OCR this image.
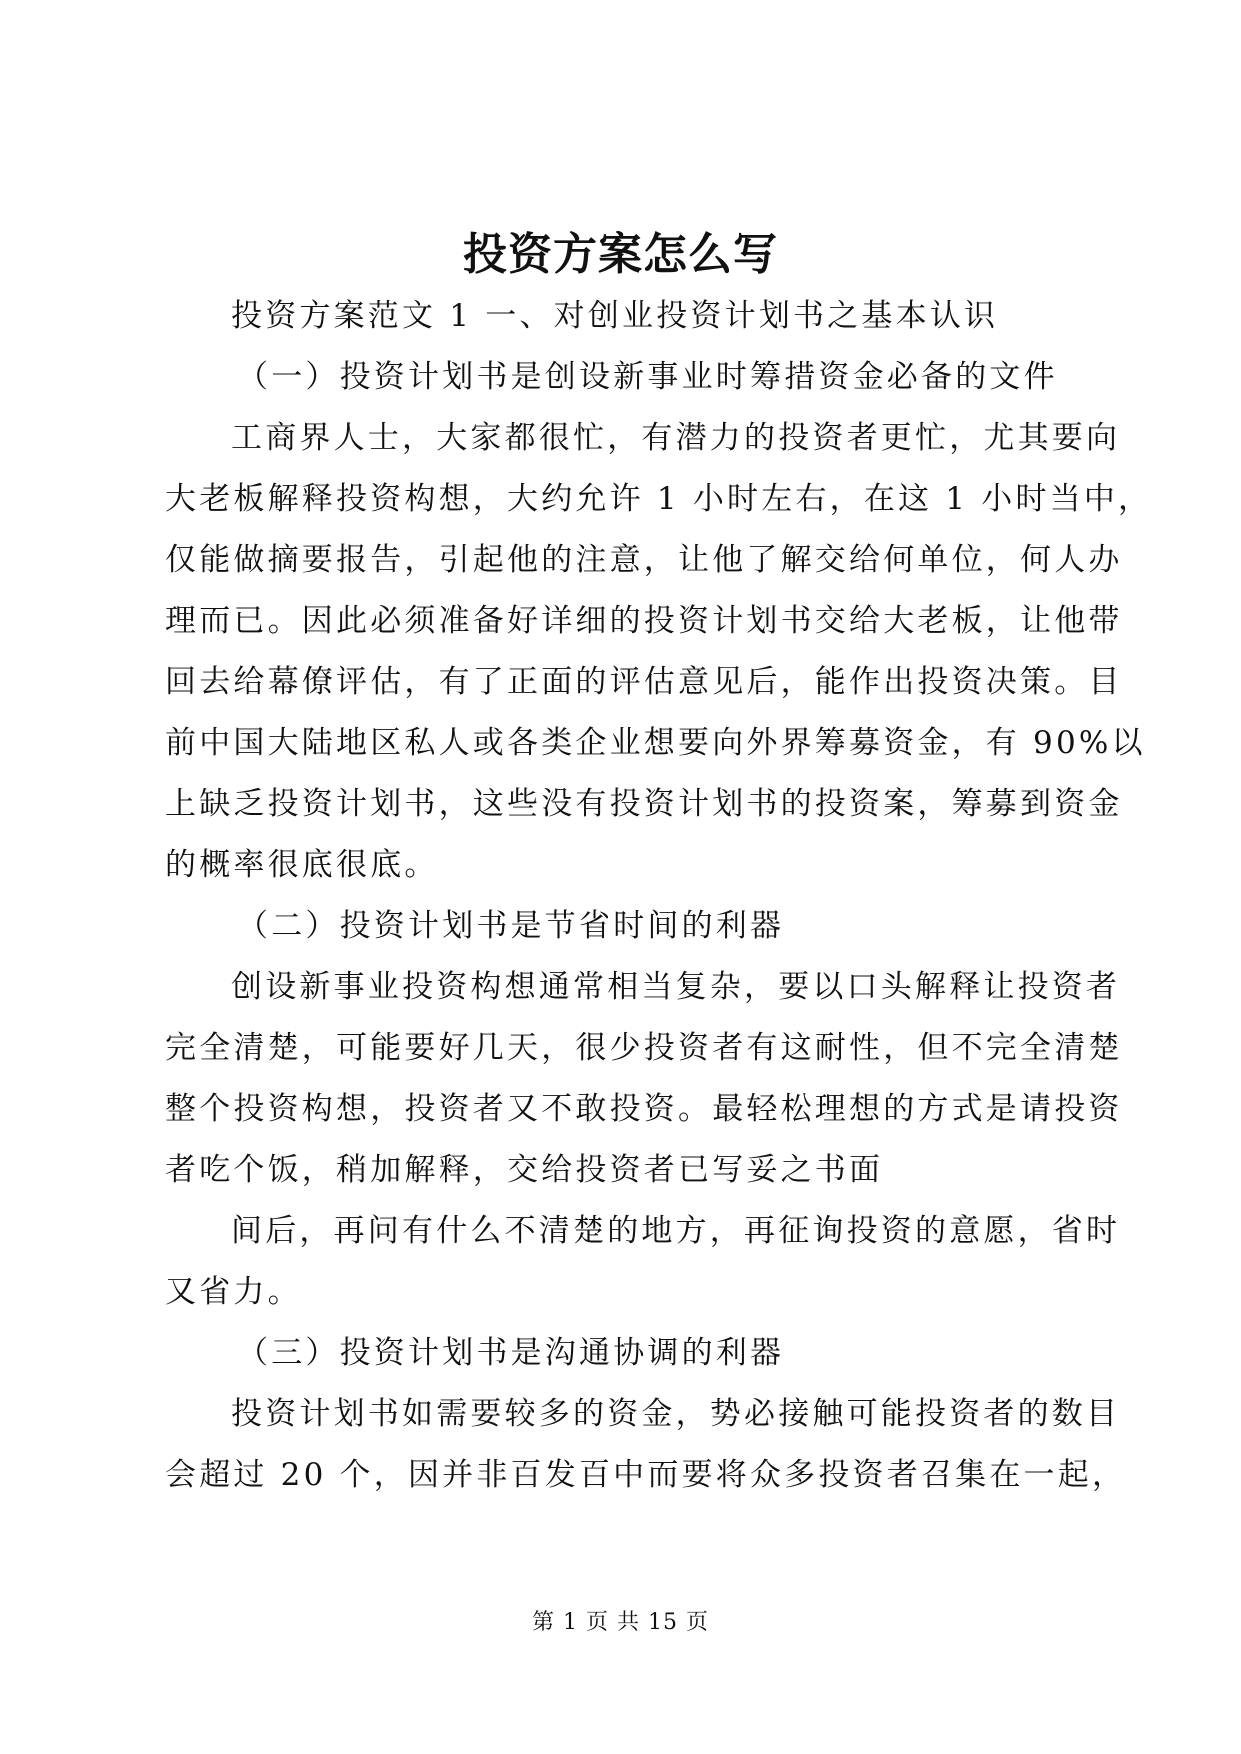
投资方案怎么写
投资方案范文 1 一、对创业投资计划书之基本认识
（一）投资计划书是创设新事业时筹措资金必备的文件
工商界人士，大家都很忙，有潜力的投资者更忙，尤其要向
大老板解释投资构想，大约允许 1 小时左右，在这 1 小时当中，
仅能做摘要报告，引起他的注意，让他了解交给何单位，何人办
理而已。因此必须准备好详细的投资计划书交给大老板，让他带
回去给幕僚评估，有了正面的评估意见后，能作出投资决策。目
前中国大陆地区私人或各类企业想要向外界筹募资金，有 90%以
上缺乏投资计划书，这些没有投资计划书的投资案，筹募到资金
的概率很底很底。
（二）投资计划书是节省时间的利器
创设新事业投资构想通常相当复杂，要以口头解释让投资者
完全清楚，可能要好几天，很少投资者有这耐性，但不完全清楚
整个投资构想，投资者又不敢投资。最轻松理想的方式是请投资
者吃个饭，稍加解释，交给投资者已写妥之书面
间后，再问有什么不清楚的地方，再征询投资的意愿，省时
又省力。
（三）投资计划书是沟通协调的利器
投资计划书如需要较多的资金，势必接触可能投资者的数目
会超过 20 个，因并非百发百中而要将众多投资者召集在一起，
第 1 页 共 15 页
